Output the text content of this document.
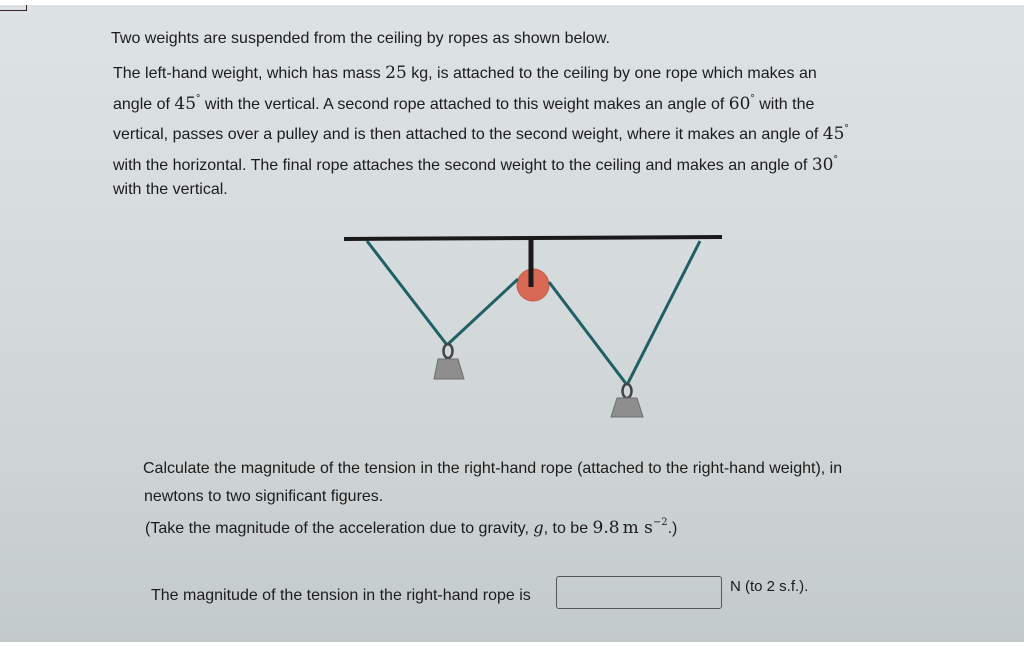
Two weights are suspended from the ceiling by ropes as shown below.
The left-hand weight, which has mass 25 kg, is attached to the ceiling by one rope which makes an
angle of 45° with the vertical. A second rope attached to this weight makes an angle of 60° with the
vertical, passes over a pulley and is then attached to the second weight, where it makes an angle of 45°
with the horizontal. The final rope attaches the second weight to the ceiling and makes an angle of 30°
with the vertical.
Calculate the magnitude of the tension in the right-hand rope (attached to the right-hand weight), in
newtons to two significant figures.
(Take the magnitude of the acceleration due to gravity, g, to be 9.8 m $s^{-2}$.)
The magnitude of the tension in the right-hand rope is
N (to 2 s.f.).
